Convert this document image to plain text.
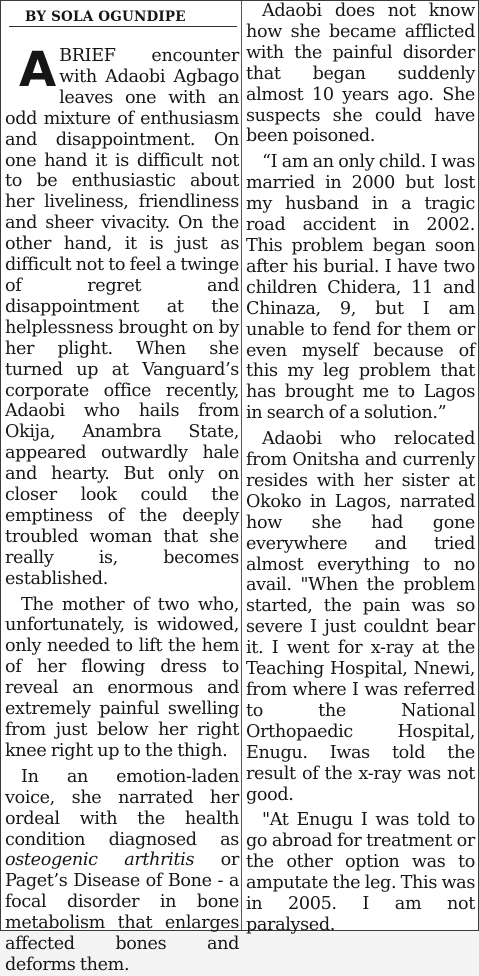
BY SOLA OGUNDIPE

ABRIEF encounter with Adaobi Agbago leaves one with an odd mixture of enthusiasm and disappointment. On one hand it is difficult not to be enthusiastic about her liveliness, friendliness and sheer vivacity. On the other hand, it is just as difficult not to feel a twinge of regret and disappointment at the helplessness brought on by her plight. When she turned up at Vanguard’s corporate office recently, Adaobi who hails from Okija, Anambra State, appeared outwardly hale and hearty. But only on closer look could the emptiness of the deeply troubled woman that she really is, becomes established.

The mother of two who, unfortunately, is widowed, only needed to lift the hem of her flowing dress to reveal an enormous and extremely painful swelling from just below her right knee right up to the thigh.

In an emotion-laden voice, she narrated her ordeal with the health condition diagnosed as osteogenic arthritis or Paget’s Disease of Bone - a focal disorder in bone metabolism that enlarges affected bones and deforms them.

Adaobi does not know how she became afflicted with the painful disorder that began suddenly almost 10 years ago. She suspects she could have been poisoned.

“I am an only child. I was married in 2000 but lost my husband in a tragic road accident in 2002. This problem began soon after his burial. I have two children Chidera, 11 and Chinaza, 9, but I am unable to fend for them or even myself because of this my leg problem that has brought me to Lagos in search of a solution.”

Adaobi who relocated from Onitsha and currenly resides with her sister at Okoko in Lagos, narrated how she had gone everywhere and tried almost everything to no avail. "When the problem started, the pain was so severe I just couldnt bear it. I went for x-ray at the Teaching Hospital, Nnewi, from where I was referred to the National Orthopaedic Hospital, Enugu. Iwas told the result of the x-ray was not good.

"At Enugu I was told to go abroad for treatment or the other option was to amputate the leg. This was in 2005. I am not paralysed.
